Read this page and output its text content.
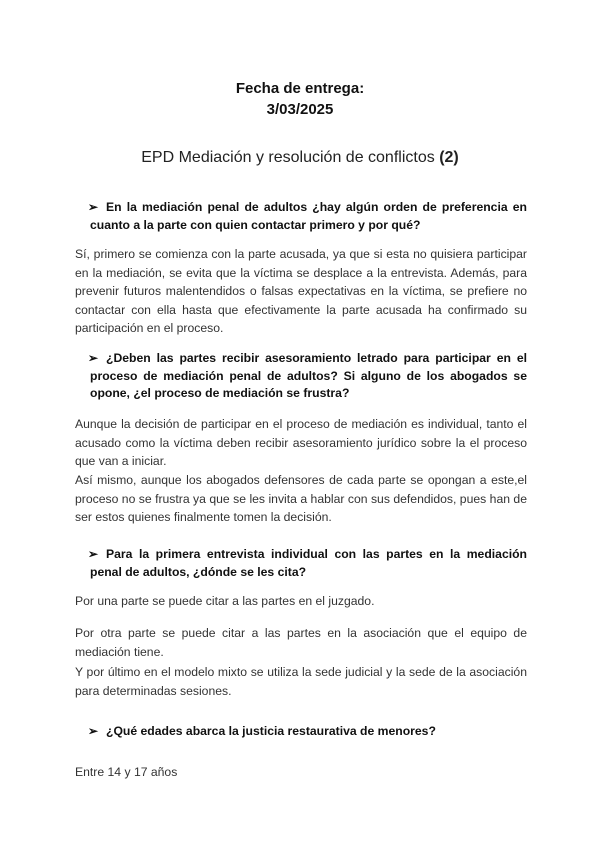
Fecha de entrega:
3/03/2025
EPD Mediación y resolución de conflictos (2)
➢ En la mediación penal de adultos ¿hay algún orden de preferencia en cuanto a la parte con quien contactar primero y por qué?
Sí, primero se comienza con la parte acusada, ya que si esta no quisiera participar en la mediación, se evita que la víctima se desplace a la entrevista. Además, para prevenir futuros malentendidos o falsas expectativas en la víctima, se prefiere no contactar con ella hasta que efectivamente la parte acusada ha confirmado su participación en el proceso.
➢ ¿Deben las partes recibir asesoramiento letrado para participar en el proceso de mediación penal de adultos? Si alguno de los abogados se opone, ¿el proceso de mediación se frustra?
Aunque la decisión de participar en el proceso de mediación es individual, tanto el acusado como la víctima deben recibir asesoramiento jurídico sobre la el proceso que van a iniciar.
Así mismo, aunque los abogados defensores de cada parte se opongan a este,el proceso no se frustra ya que se les invita a hablar con sus defendidos, pues han de ser estos quienes finalmente tomen la decisión.
➢ Para la primera entrevista individual con las partes en la mediación penal de adultos, ¿dónde se les cita?
Por una parte se puede citar a las partes en el juzgado.
Por otra parte se puede citar a las partes en la asociación que el equipo de mediación tiene.
Y por último en el modelo mixto se utiliza la sede judicial y la sede de la asociación para determinadas sesiones.
➢ ¿Qué edades abarca la justicia restaurativa de menores?
Entre 14 y 17 años
